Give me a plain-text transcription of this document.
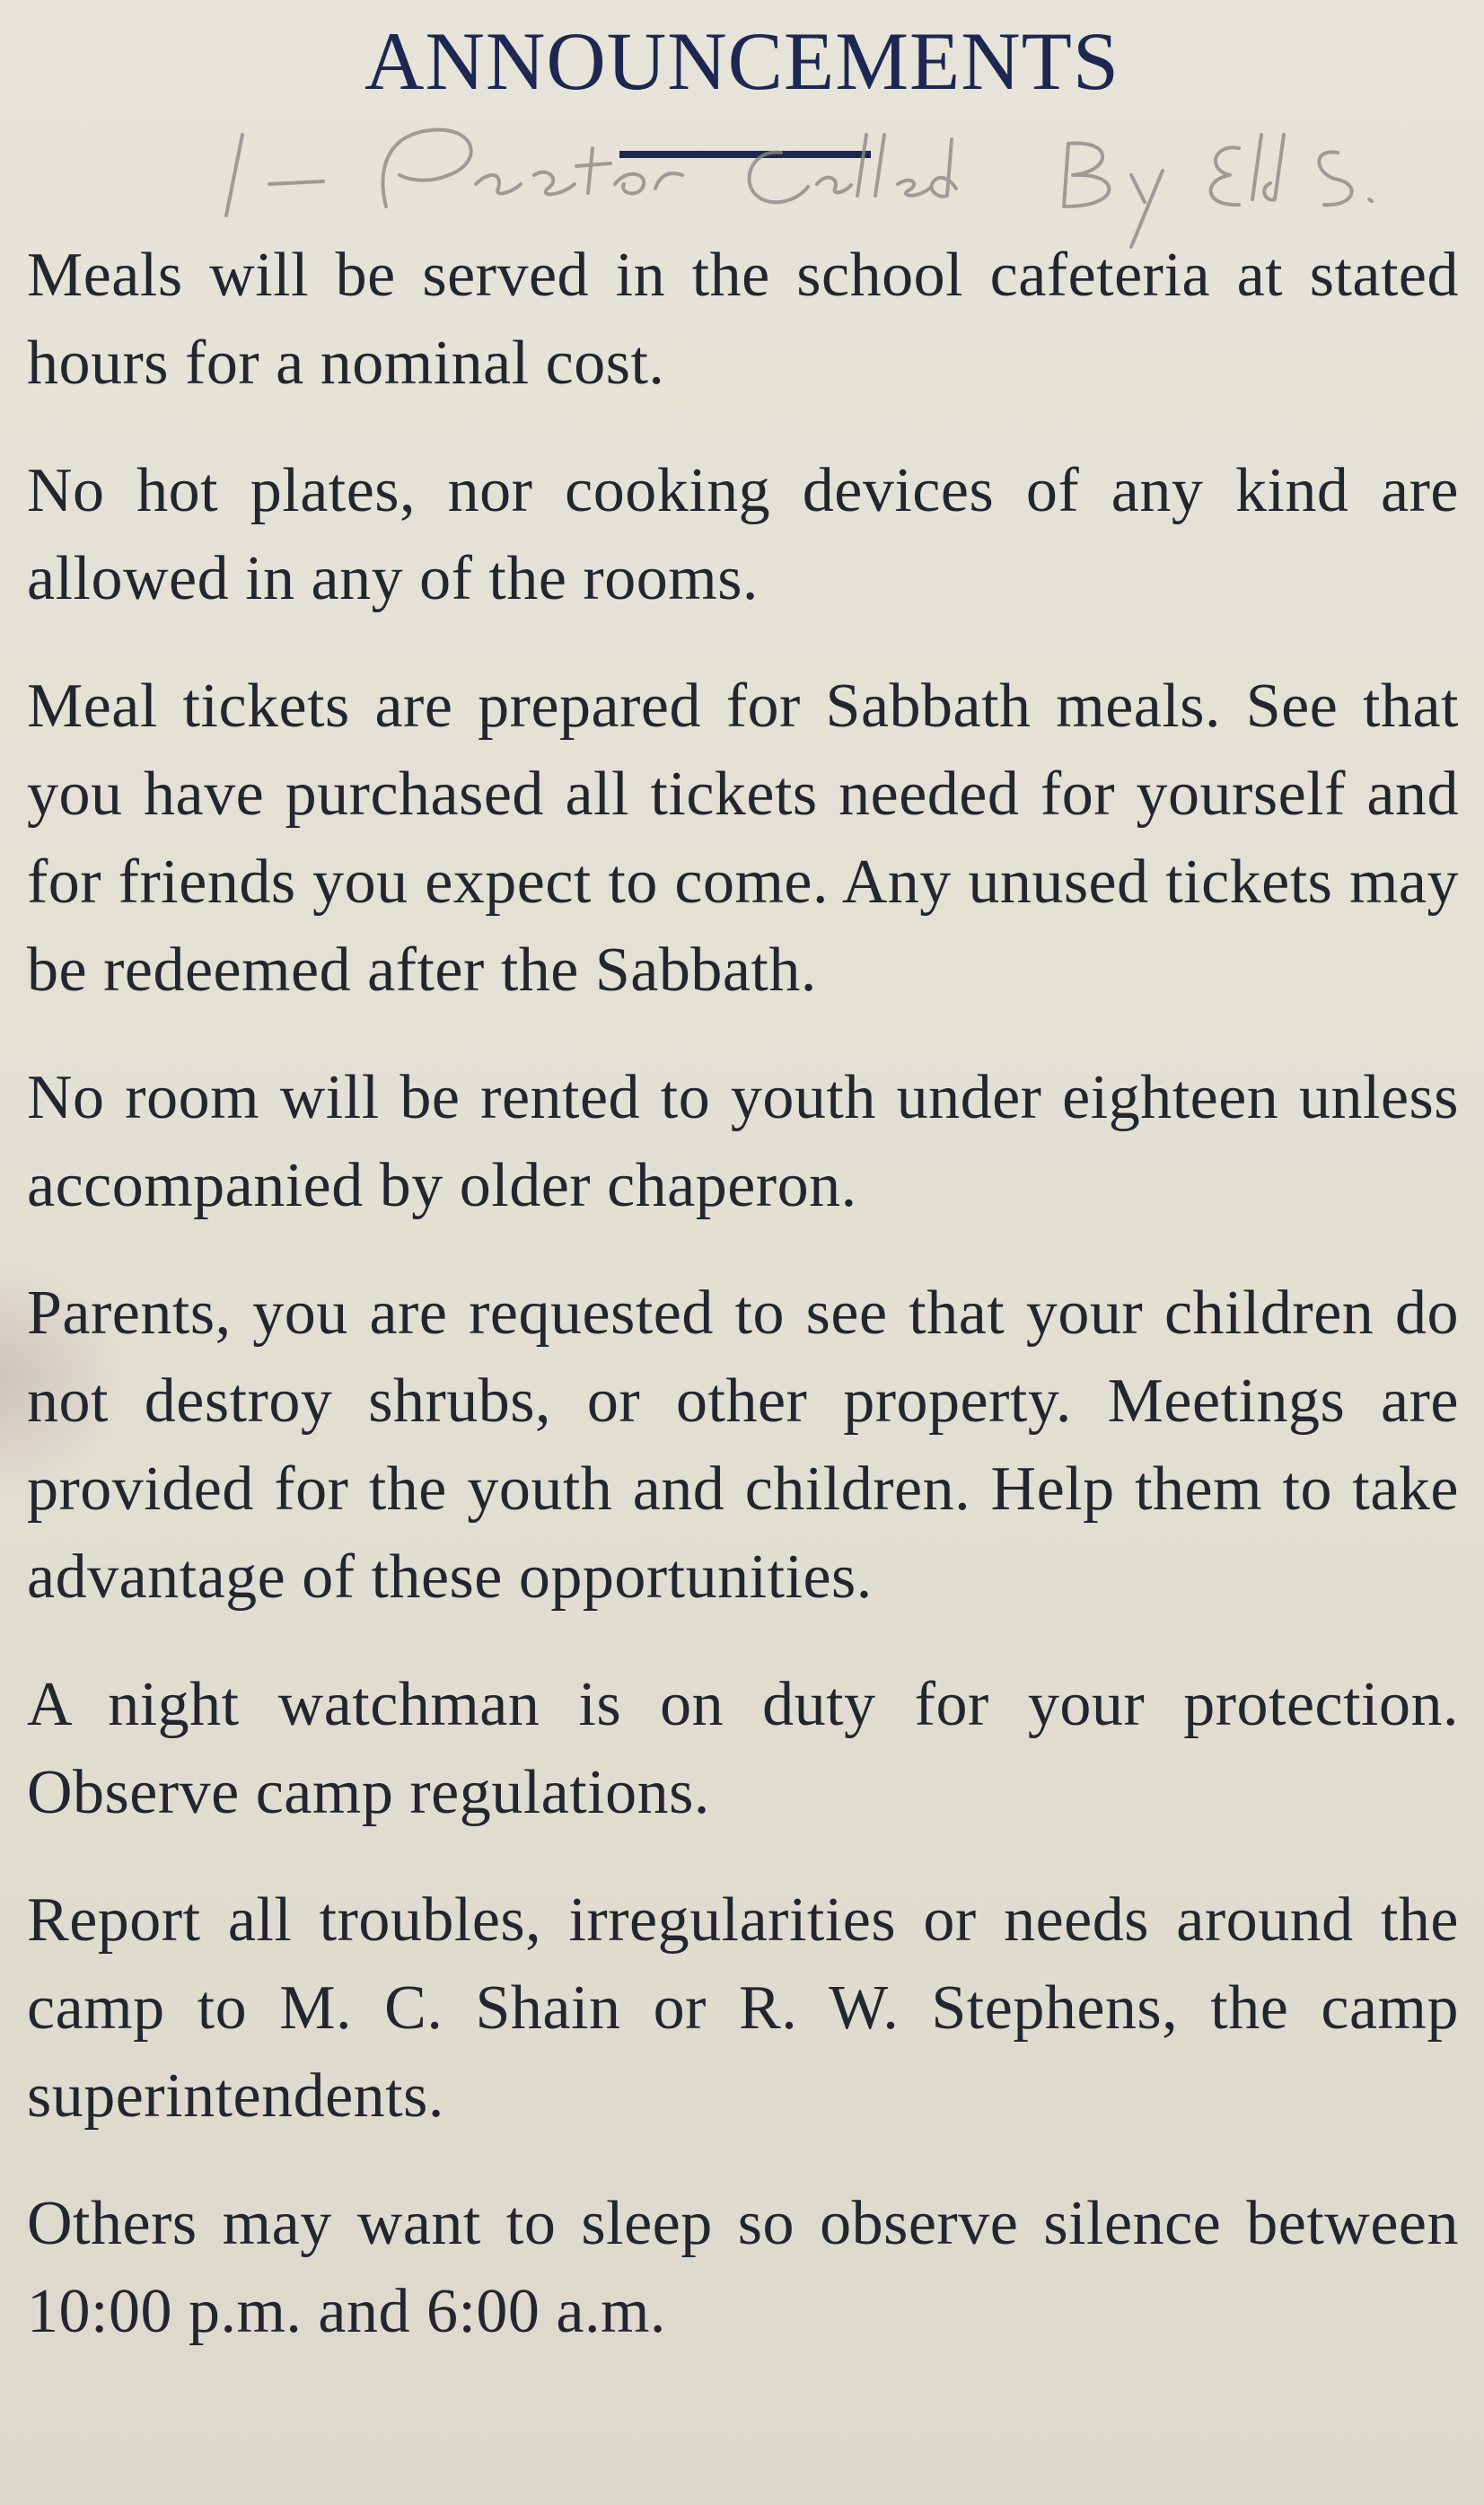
ANNOUNCEMENTS

Meals will be served in the school cafeteria at stated hours for a nominal cost.

No hot plates, nor cooking devices of any kind are allowed in any of the rooms.

Meal tickets are prepared for Sabbath meals. See that you have purchased all tickets needed for yourself and for friends you expect to come. Any unused tickets may be redeemed after the Sabbath.

No room will be rented to youth under eighteen unless accompanied by older chaperon.

Parents, you are requested to see that your children do not destroy shrubs, or other property. Meetings are provided for the youth and children. Help them to take advantage of these opportunities.

A night watchman is on duty for your protection. Observe camp regulations.

Report all troubles, irregularities or needs around the camp to M. C. Shain or R. W. Stephens, the camp superintendents.

Others may want to sleep so observe silence between 10:00 p.m. and 6:00 a.m.
